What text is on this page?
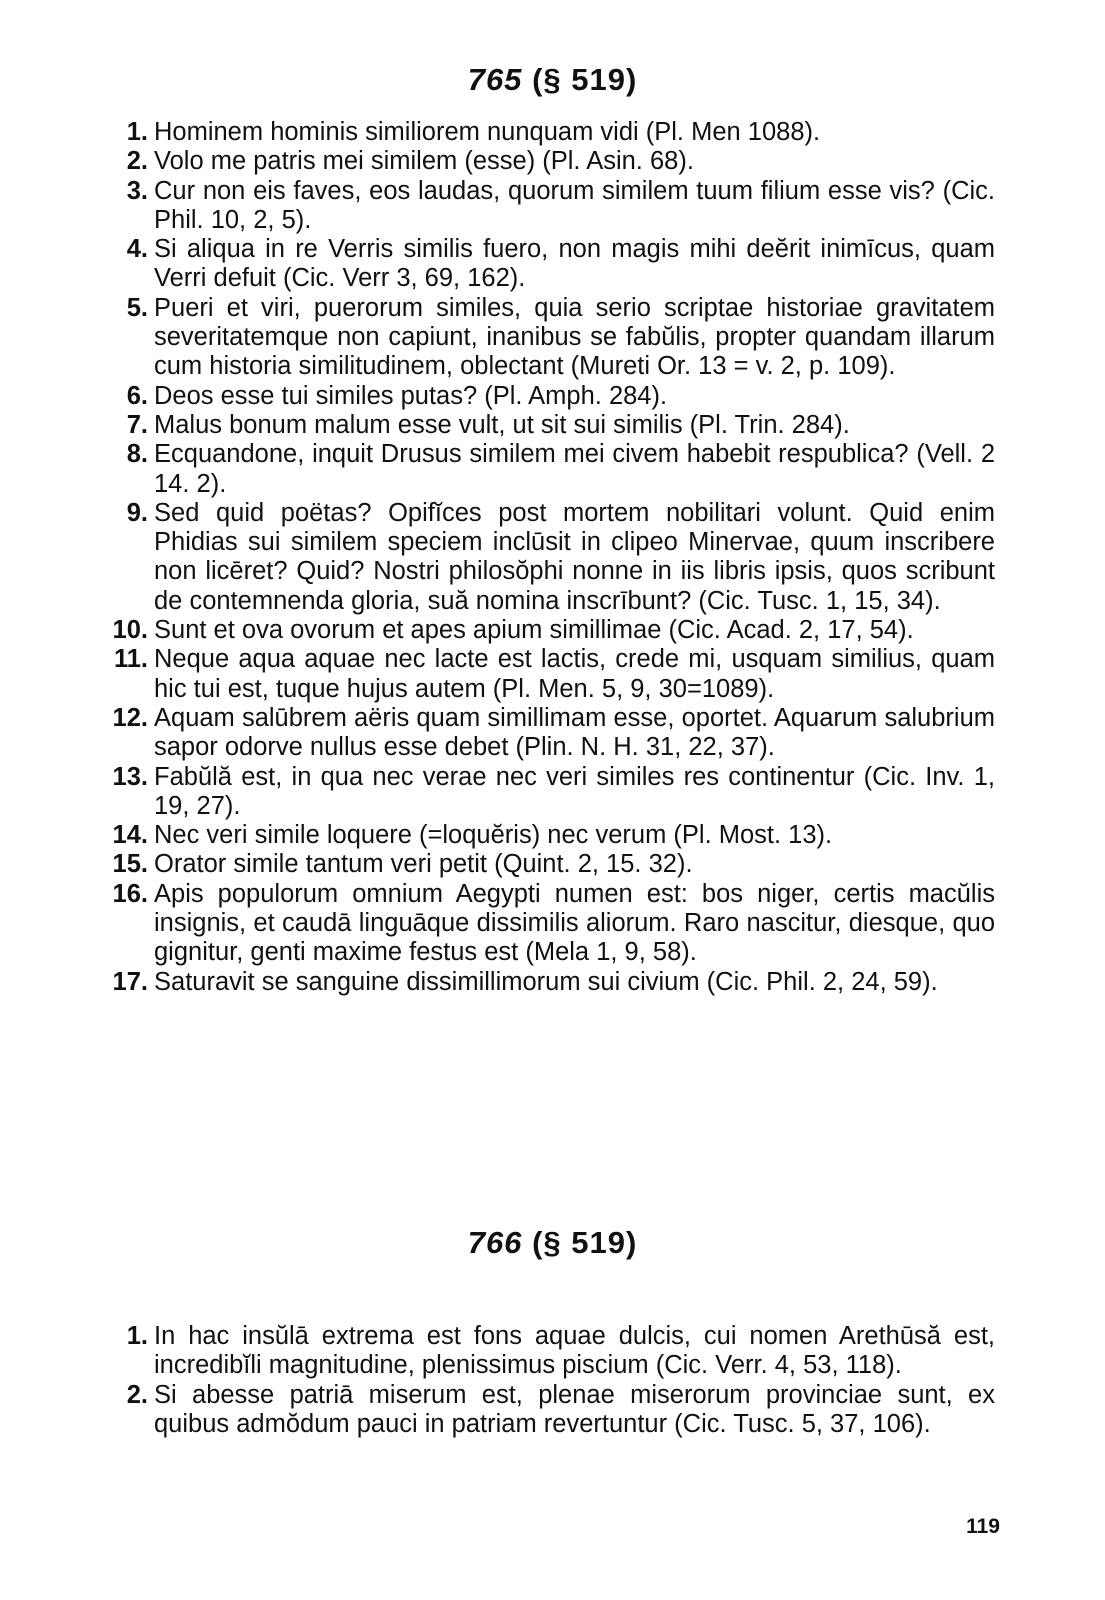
765 (§ 519)

1. Hominem hominis similiorem nunquam vidi (Pl. Men 1088).

2. Volo me patris mei similem (esse) (Pl. Asin. 68).

3. Cur non eis faves, eos laudas, quorum similem tuum filium esse vis? (Cic. Phil. 10, 2, 5).

4. Si aliqua in re Verris similis fuero, non magis mihi deĕrit inimīcus, quam Verri defuit (Cic. Verr 3, 69, 162).

5. Pueri et viri, puerorum similes, quia serio scriptae historiae gravitatem severitatemque non capiunt, inanibus se fabŭlis, propter quandam illarum cum historia similitudinem, oblectant (Mureti Or. 13 = v. 2, p. 109).

6. Deos esse tui similes putas? (Pl. Amph. 284).

7. Malus bonum malum esse vult, ut sit sui similis (Pl. Trin. 284).

8. Ecquandone, inquit Drusus similem mei civem habebit respublica? (Vell. 2 14. 2).

9. Sed quid poëtas? Opifĭces post mortem nobilitari volunt. Quid enim Phidias sui similem speciem inclūsit in clipeo Minervae, quum inscribere non licēret? Quid? Nostri philosŏphi nonne in iis libris ipsis, quos scribunt de contemnenda gloria, suă nomina inscrībunt? (Cic. Tusc. 1, 15, 34).

10. Sunt et ova ovorum et apes apium simillimae (Cic. Acad. 2, 17, 54).

11. Neque aqua aquae nec lacte est lactis, crede mi, usquam similius, quam hic tui est, tuque hujus autem (Pl. Men. 5, 9, 30=1089).

12. Aquam salūbrem aëris quam simillimam esse, oportet. Aquarum salubrium sapor odorve nullus esse debet (Plin. N. H. 31, 22, 37).

13. Fabŭlă est, in qua nec verae nec veri similes res continentur (Cic. Inv. 1, 19, 27).

14. Nec veri simile loquere (=loquĕris) nec verum (Pl. Most. 13).

15. Orator simile tantum veri petit (Quint. 2, 15. 32).

16. Apis populorum omnium Aegypti numen est: bos niger, certis macŭlis insignis, et caudā linguāque dissimilis aliorum. Raro nascitur, diesque, quo gignitur, genti maxime festus est (Mela 1, 9, 58).

17. Saturavit se sanguine dissimillimorum sui civium (Cic. Phil. 2, 24, 59).

766 (§ 519)

1. In hac insŭlā extrema est fons aquae dulcis, cui nomen Arethūsă est, incredibĭli magnitudine, plenissimus piscium (Cic. Verr. 4, 53, 118).

2. Si abesse patriā miserum est, plenae miserorum provinciae sunt, ex quibus admŏdum pauci in patriam revertuntur (Cic. Tusc. 5, 37, 106).

119
